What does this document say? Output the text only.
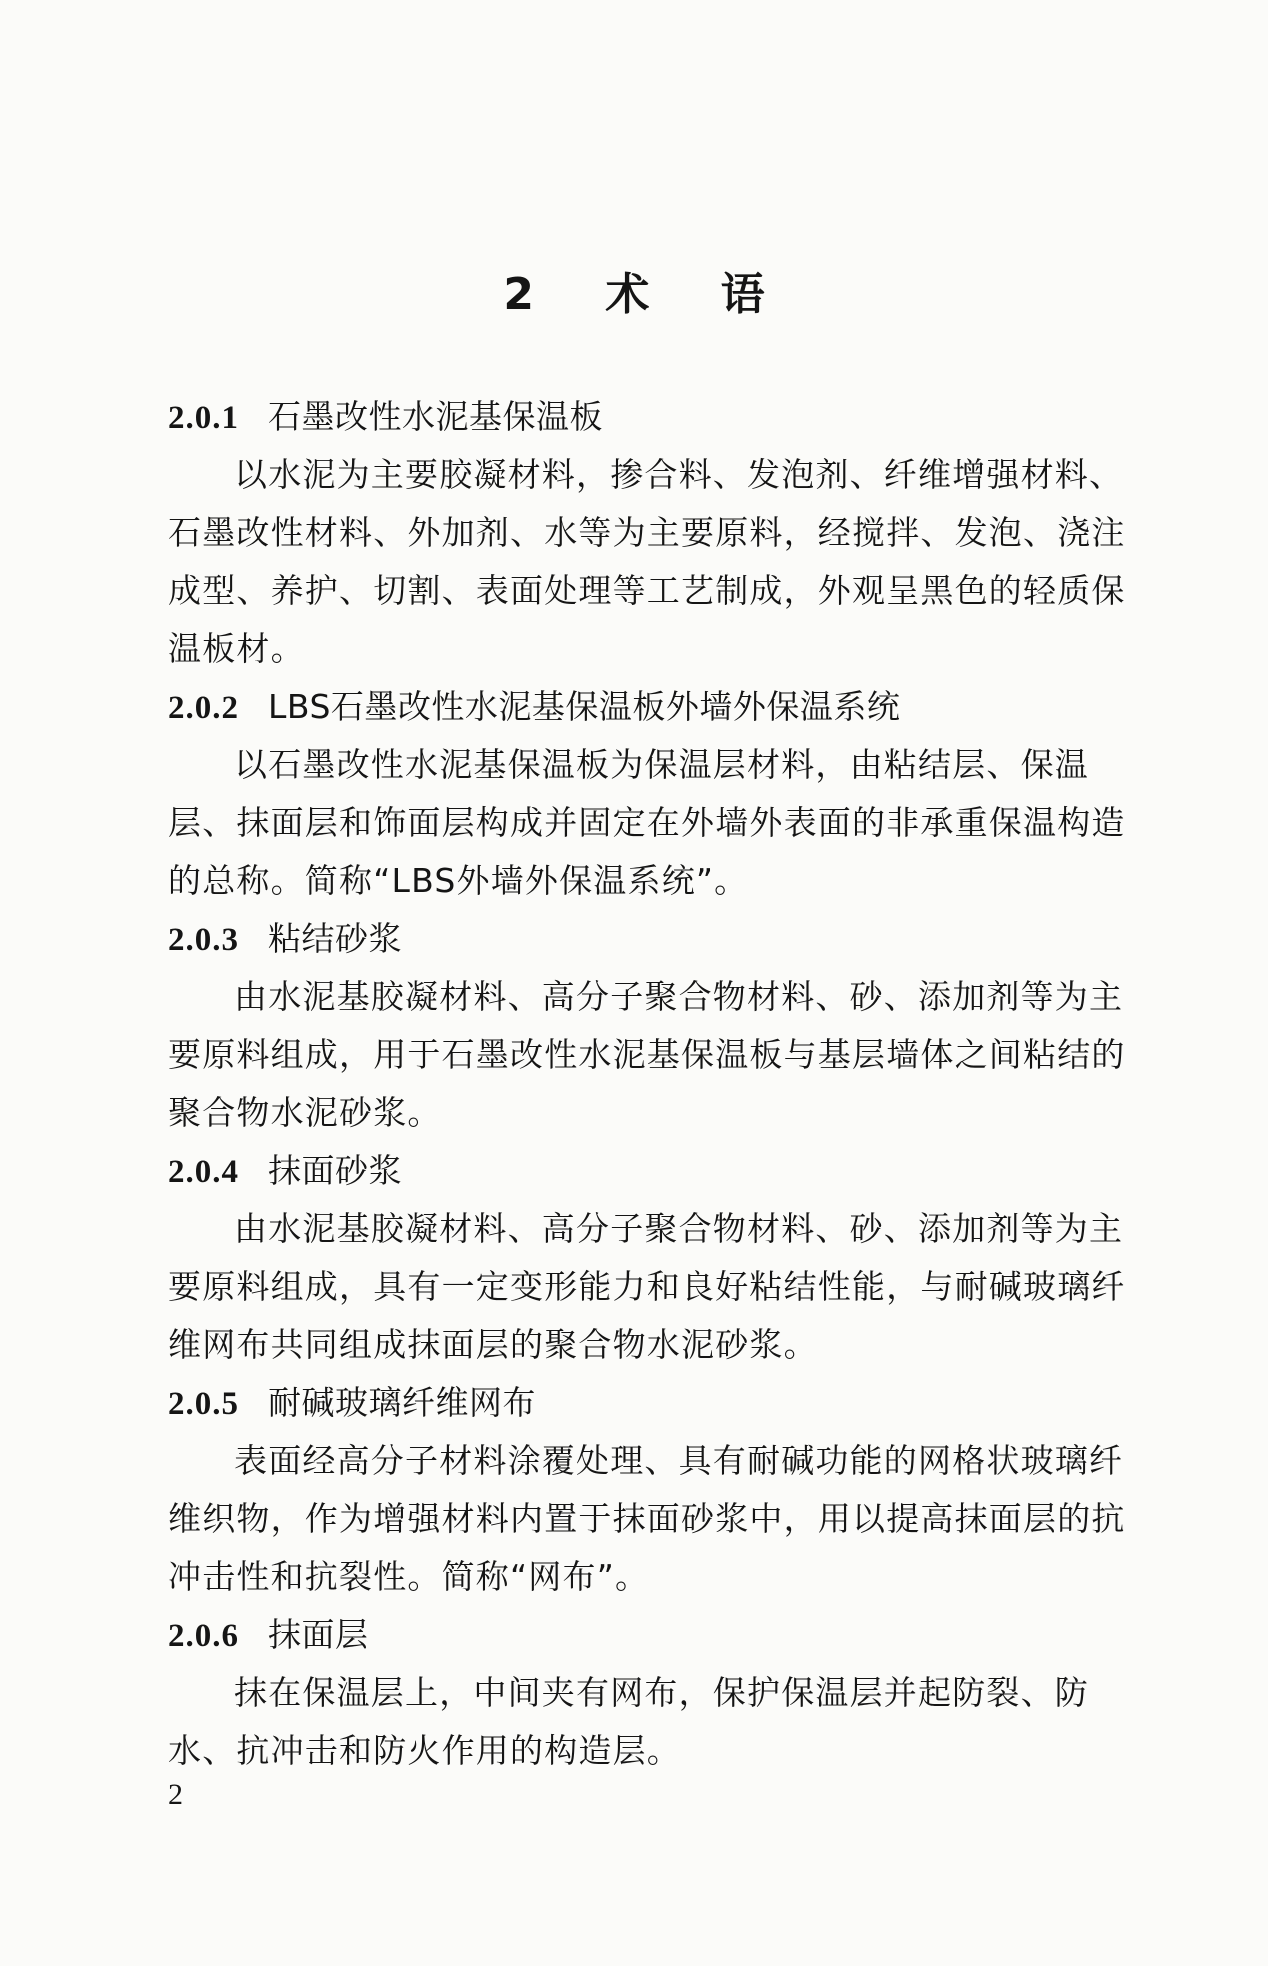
2 术 语
2.0.1 石墨改性水泥基保温板
以水泥为主要胶凝材料，掺合料、发泡剂、纤维增强材料、
石墨改性材料、外加剂、水等为主要原料，经搅拌、发泡、浇注
成型、养护、切割、表面处理等工艺制成，外观呈黑色的轻质保
温板材。
2.0.2 LBS石墨改性水泥基保温板外墙外保温系统
以石墨改性水泥基保温板为保温层材料，由粘结层、保温
层、抹面层和饰面层构成并固定在外墙外表面的非承重保温构造
的总称。简称“LBS外墙外保温系统”。
2.0.3 粘结砂浆
由水泥基胶凝材料、高分子聚合物材料、砂、添加剂等为主
要原料组成，用于石墨改性水泥基保温板与基层墙体之间粘结的
聚合物水泥砂浆。
2.0.4 抹面砂浆
由水泥基胶凝材料、高分子聚合物材料、砂、添加剂等为主
要原料组成，具有一定变形能力和良好粘结性能，与耐碱玻璃纤
维网布共同组成抹面层的聚合物水泥砂浆。
2.0.5 耐碱玻璃纤维网布
表面经高分子材料涂覆处理、具有耐碱功能的网格状玻璃纤
维织物，作为增强材料内置于抹面砂浆中，用以提高抹面层的抗
冲击性和抗裂性。简称“网布”。
2.0.6 抹面层
抹在保温层上，中间夹有网布，保护保温层并起防裂、防
水、抗冲击和防火作用的构造层。
2
